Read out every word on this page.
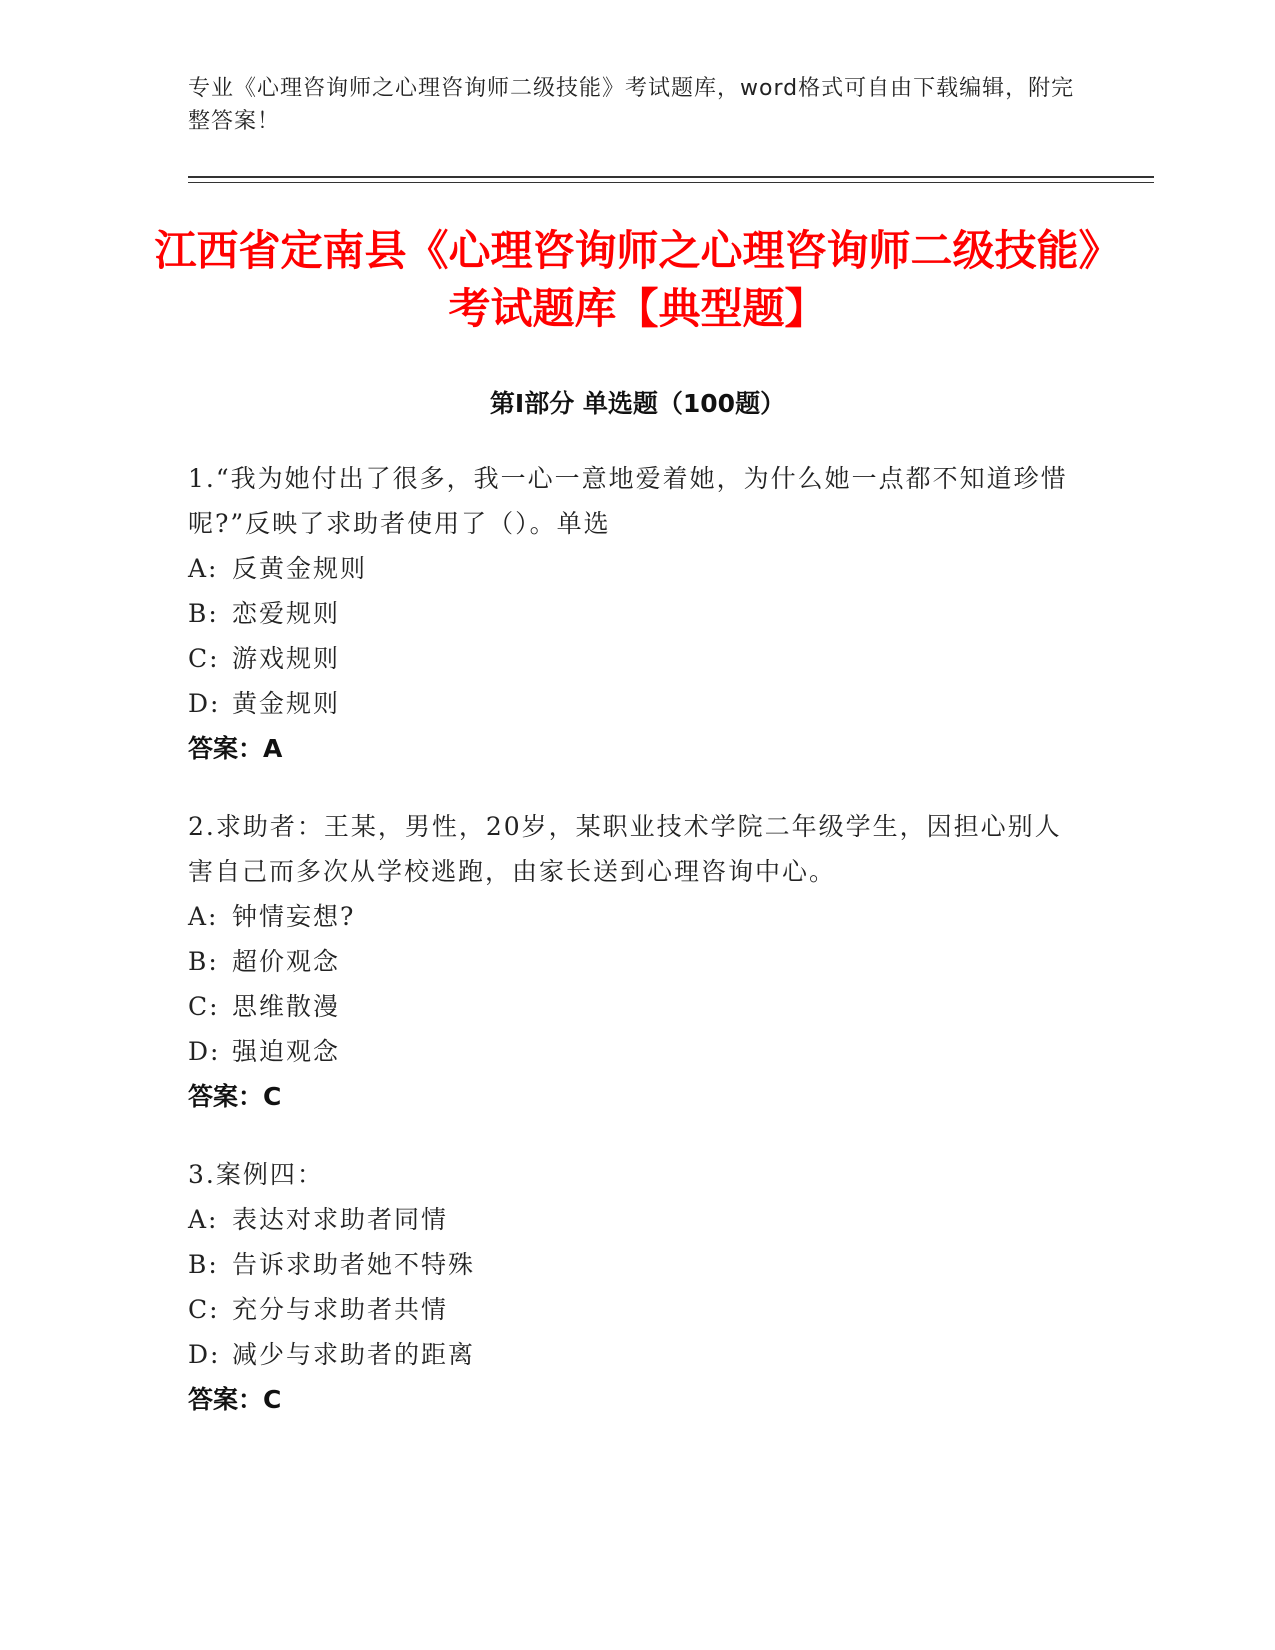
专业《心理咨询师之心理咨询师二级技能》考试题库，word格式可自由下载编辑，附完整答案！
江西省定南县《心理咨询师之心理咨询师二级技能》考试题库【典型题】
第Ⅰ部分 单选题（100题）
1.“我为她付出了很多，我一心一意地爱着她，为什么她一点都不知道珍惜呢?”反映了求助者使用了（）。单选
A: 反黄金规则
B: 恋爱规则
C: 游戏规则
D: 黄金规则
答案：A
2.求助者：王某，男性，20岁，某职业技术学院二年级学生，因担心别人害自己而多次从学校逃跑，由家长送到心理咨询中心。
A: 钟情妄想?
B: 超价观念
C: 思维散漫
D: 强迫观念
答案：C
3.案例四：
A: 表达对求助者同情
B: 告诉求助者她不特殊
C: 充分与求助者共情
D: 减少与求助者的距离
答案：C
